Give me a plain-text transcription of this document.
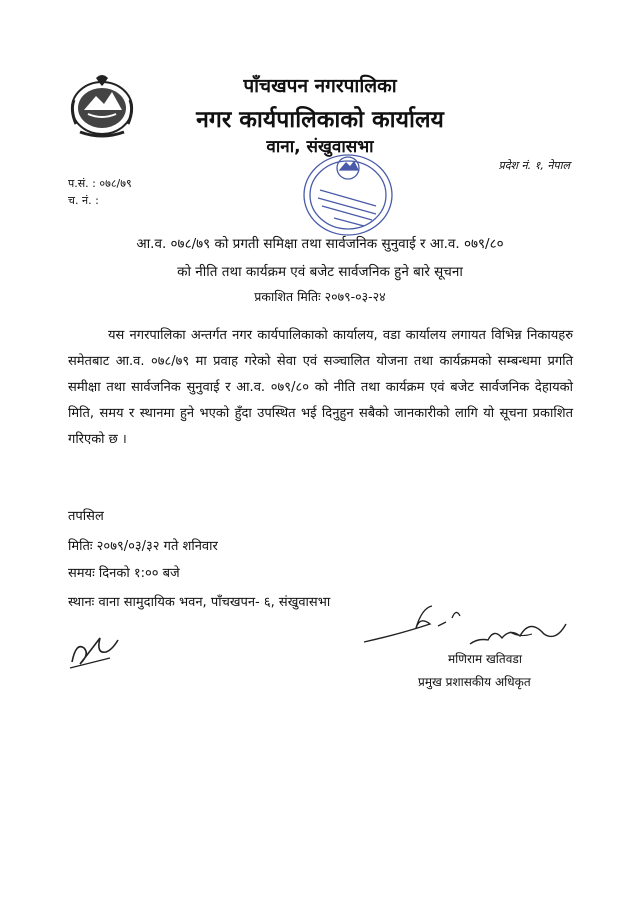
पाँचखपन नगरपालिका
नगर कार्यपालिकाको कार्यालय
वाना, संखुवासभा
प्रदेश नं. १, नेपाल
प.सं. : ०७८/७९
च. नं. :
आ.व. ०७८/७९ को प्रगती समिक्षा तथा सार्वजनिक सुनुवाई र आ.व. ०७९/८०
को नीति तथा कार्यक्रम एवं बजेट सार्वजनिक हुने बारे सूचना
प्रकाशित मितिः २०७९-०३-२४
यस नगरपालिका अन्तर्गत नगर कार्यपालिकाको कार्यालय, वडा कार्यालय लगायत विभिन्न निकायहरु समेतबाट आ.व. ०७८/७९ मा प्रवाह गरेको सेवा एवं सञ्चालित योजना तथा कार्यक्रमको सम्बन्धमा प्रगति समीक्षा तथा सार्वजनिक सुनुवाई र आ.व. ०७९/८० को नीति तथा कार्यक्रम एवं बजेट सार्वजनिक देहायको मिति, समय र स्थानमा हुने भएको हुँदा उपस्थित भई दिनुहुन सबैको जानकारीको लागि यो सूचना प्रकाशित गरिएको छ ।
तपसिल
मितिः २०७९/०३/३२ गते शनिवार
समयः दिनको १:०० बजे
स्थानः वाना सामुदायिक भवन, पाँचखपन- ६, संखुवासभा
मणिराम खतिवडा
प्रमुख प्रशासकीय अधिकृत
